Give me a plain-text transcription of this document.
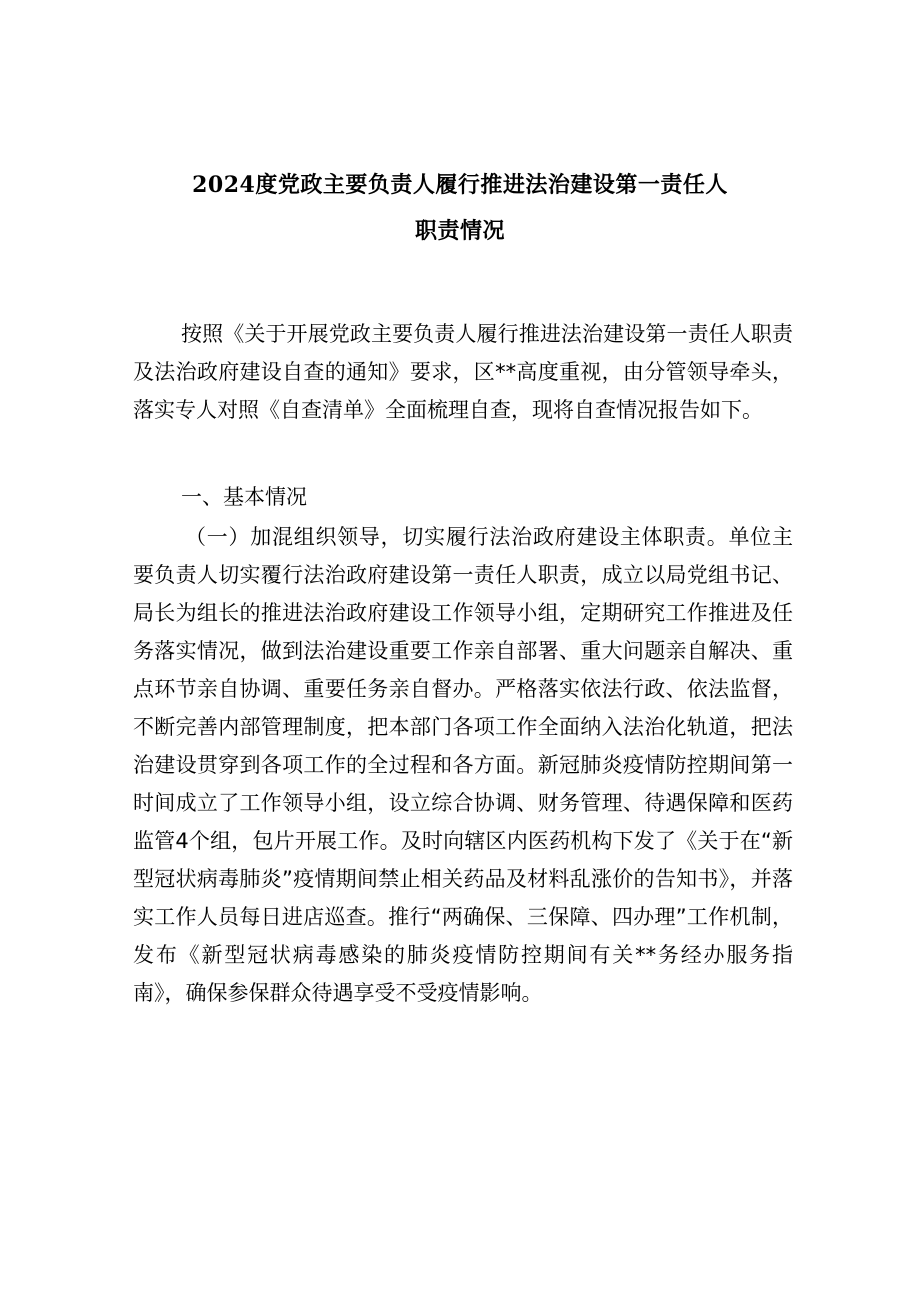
2024度党政主要负责人履行推进法治建设第一责任人
职责情况
按照《关于开展党政主要负责人履行推进法治建设第一责任人职责及法治政府建设自查的通知》要求，区**高度重视，由分管领导牵头，落实专人对照《自查清单》全面梳理自查，现将自查情况报告如下。
一、基本情况
（一）加混组织领导，切实履行法治政府建设主体职责。单位主要负责人切实覆行法治政府建设第一责任人职责，成立以局党组书记、局长为组长的推进法治政府建设工作领导小组，定期研究工作推进及任务落实情况，做到法治建设重要工作亲自部署、重大问题亲自解决、重点环节亲自协调、重要任务亲自督办。严格落实依法行政、依法监督，不断完善内部管理制度，把本部门各项工作全面纳入法治化轨道，把法治建设贯穿到各项工作的全过程和各方面。新冠肺炎疫情防控期间第一时间成立了工作领导小组，设立综合协调、财务管理、待遇保障和医药监管4个组，包片开展工作。及时向辖区内医药机构下发了《关于在“新型冠状病毒肺炎”疫情期间禁止相关药品及材料乱涨价的告知书》，并落实工作人员每日进店巡查。推行“两确保、三保障、四办理”工作机制，发布《新型冠状病毒感染的肺炎疫情防控期间有关**务经办服务指南》，确保参保群众待遇享受不受疫情影响。
